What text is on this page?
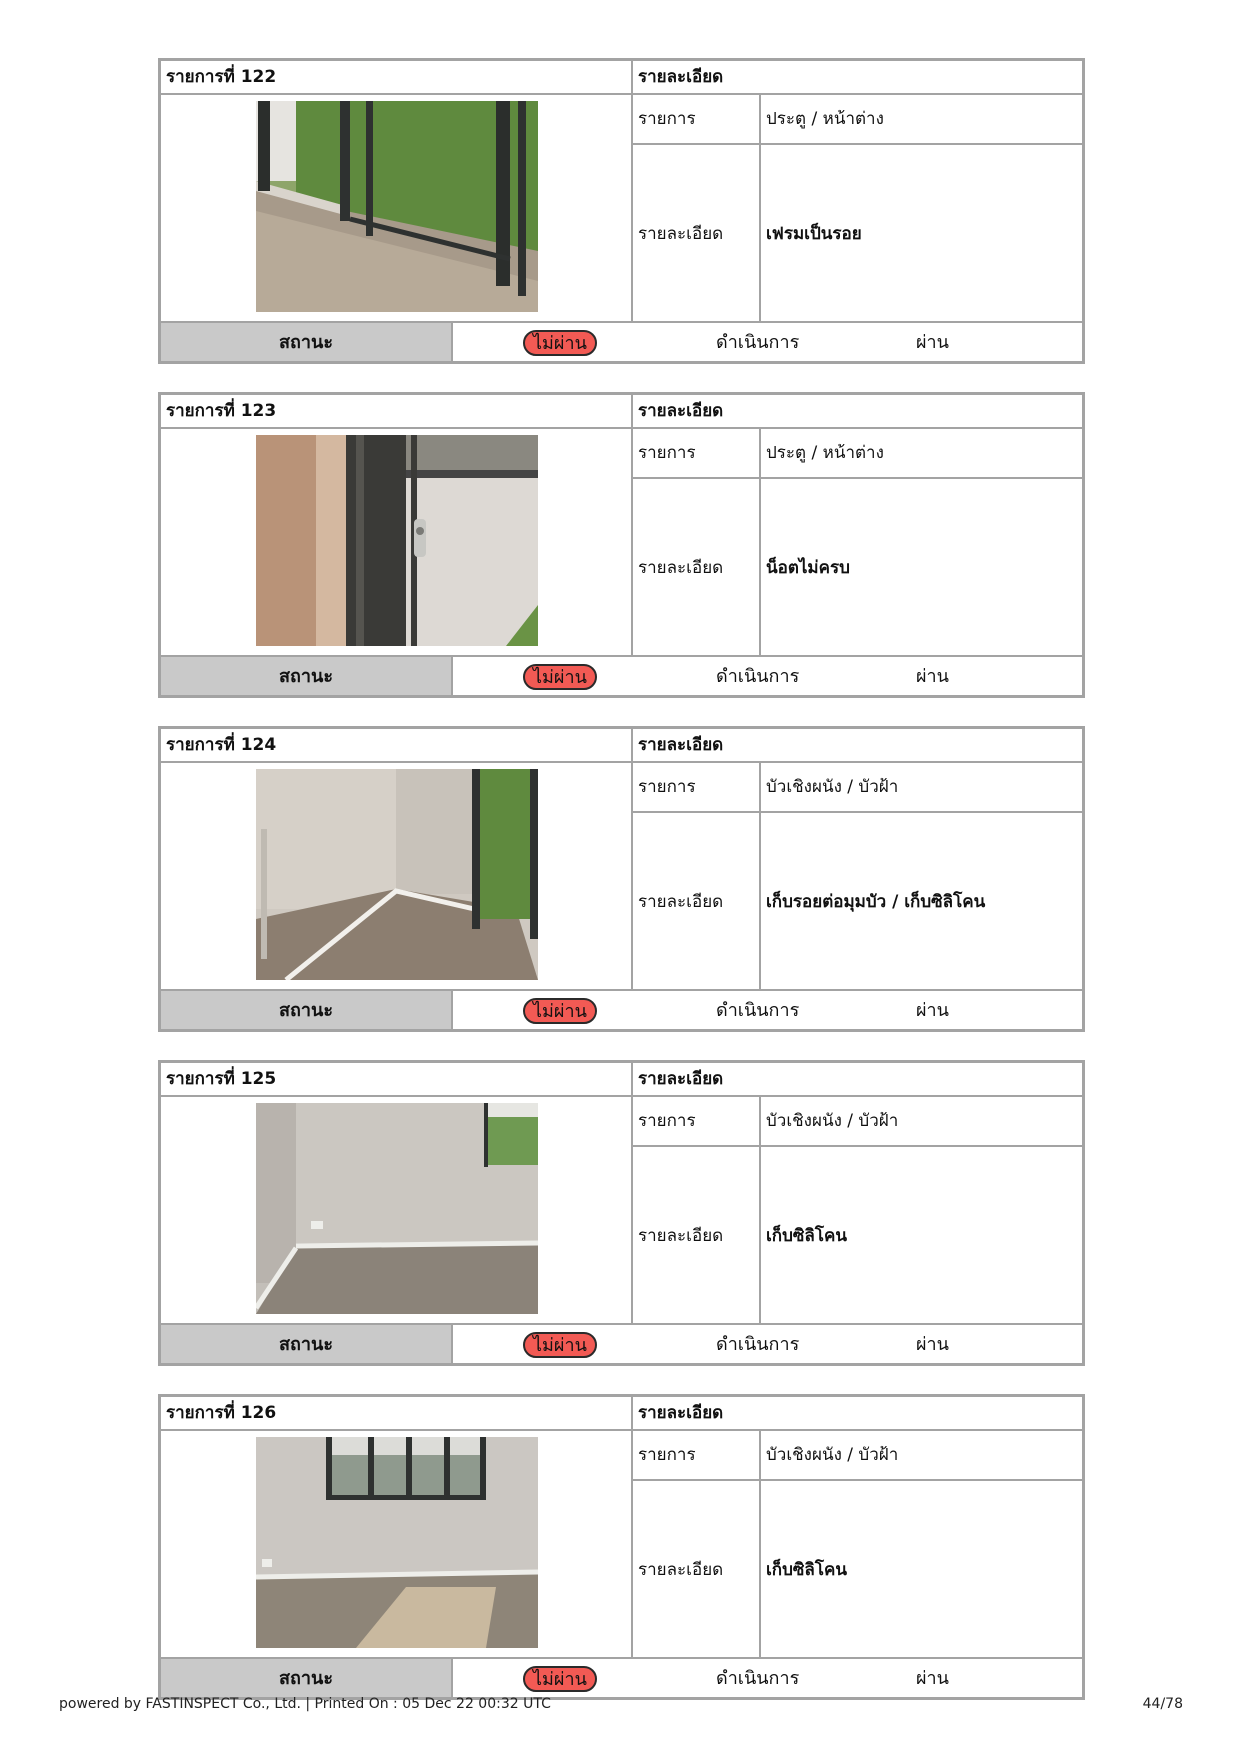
รายการที่ 122	รายละเอียด
รายการ	ประตู / หน้าต่าง
รายละเอียด	เฟรมเป็นรอย
สถานะ	ไม่ผ่าน	ดำเนินการ	ผ่าน
รายการที่ 123	รายละเอียด
รายการ	ประตู / หน้าต่าง
รายละเอียด	น็อตไม่ครบ
สถานะ	ไม่ผ่าน	ดำเนินการ	ผ่าน
รายการที่ 124	รายละเอียด
รายการ	บัวเชิงผนัง / บัวฝ้า
รายละเอียด	เก็บรอยต่อมุมบัว / เก็บซิลิโคน
สถานะ	ไม่ผ่าน	ดำเนินการ	ผ่าน
รายการที่ 125	รายละเอียด
รายการ	บัวเชิงผนัง / บัวฝ้า
รายละเอียด	เก็บซิลิโคน
สถานะ	ไม่ผ่าน	ดำเนินการ	ผ่าน
รายการที่ 126	รายละเอียด
รายการ	บัวเชิงผนัง / บัวฝ้า
รายละเอียด	เก็บซิลิโคน
สถานะ	ไม่ผ่าน	ดำเนินการ	ผ่าน
powered by FASTINSPECT Co., Ltd. | Printed On : 05 Dec 22 00:32 UTC	44/78
